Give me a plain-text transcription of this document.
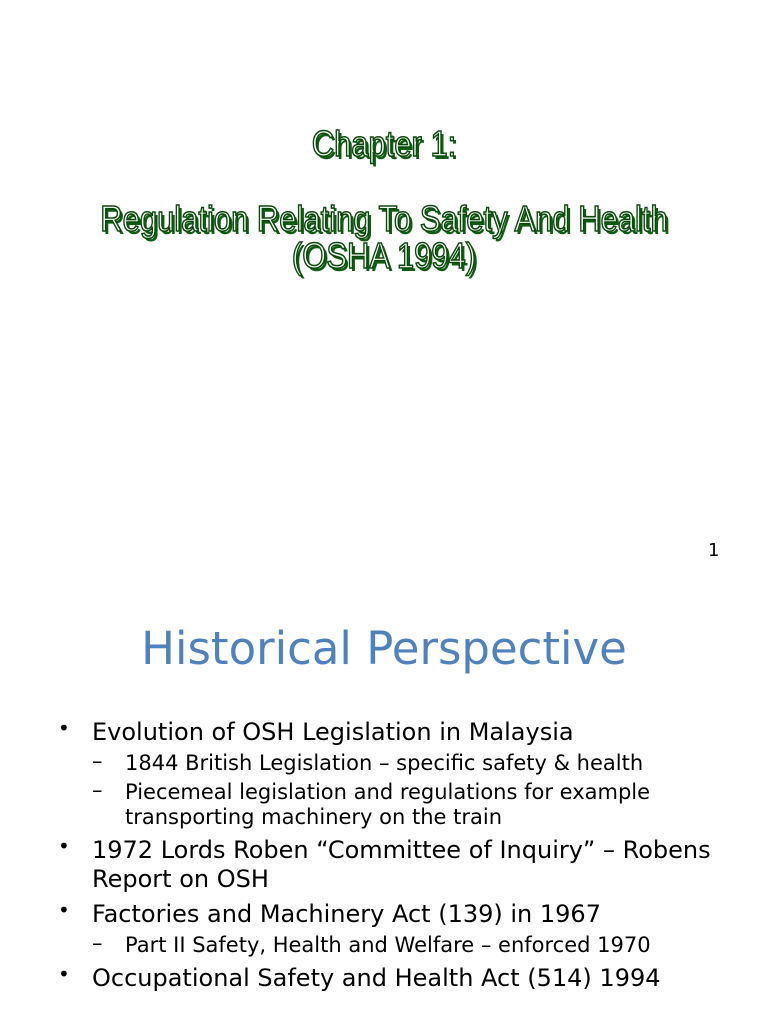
Chapter 1:
Regulation Relating To Safety And Health
(OSHA 1994)
1
Historical Perspective
• Evolution of OSH Legislation in Malaysia
– 1844 British Legislation – specific safety & health
– Piecemeal legislation and regulations for example transporting machinery on the train
• 1972 Lords Roben “Committee of Inquiry” – Robens Report on OSH
• Factories and Machinery Act (139) in 1967
– Part II Safety, Health and Welfare – enforced 1970
• Occupational Safety and Health Act (514) 1994
